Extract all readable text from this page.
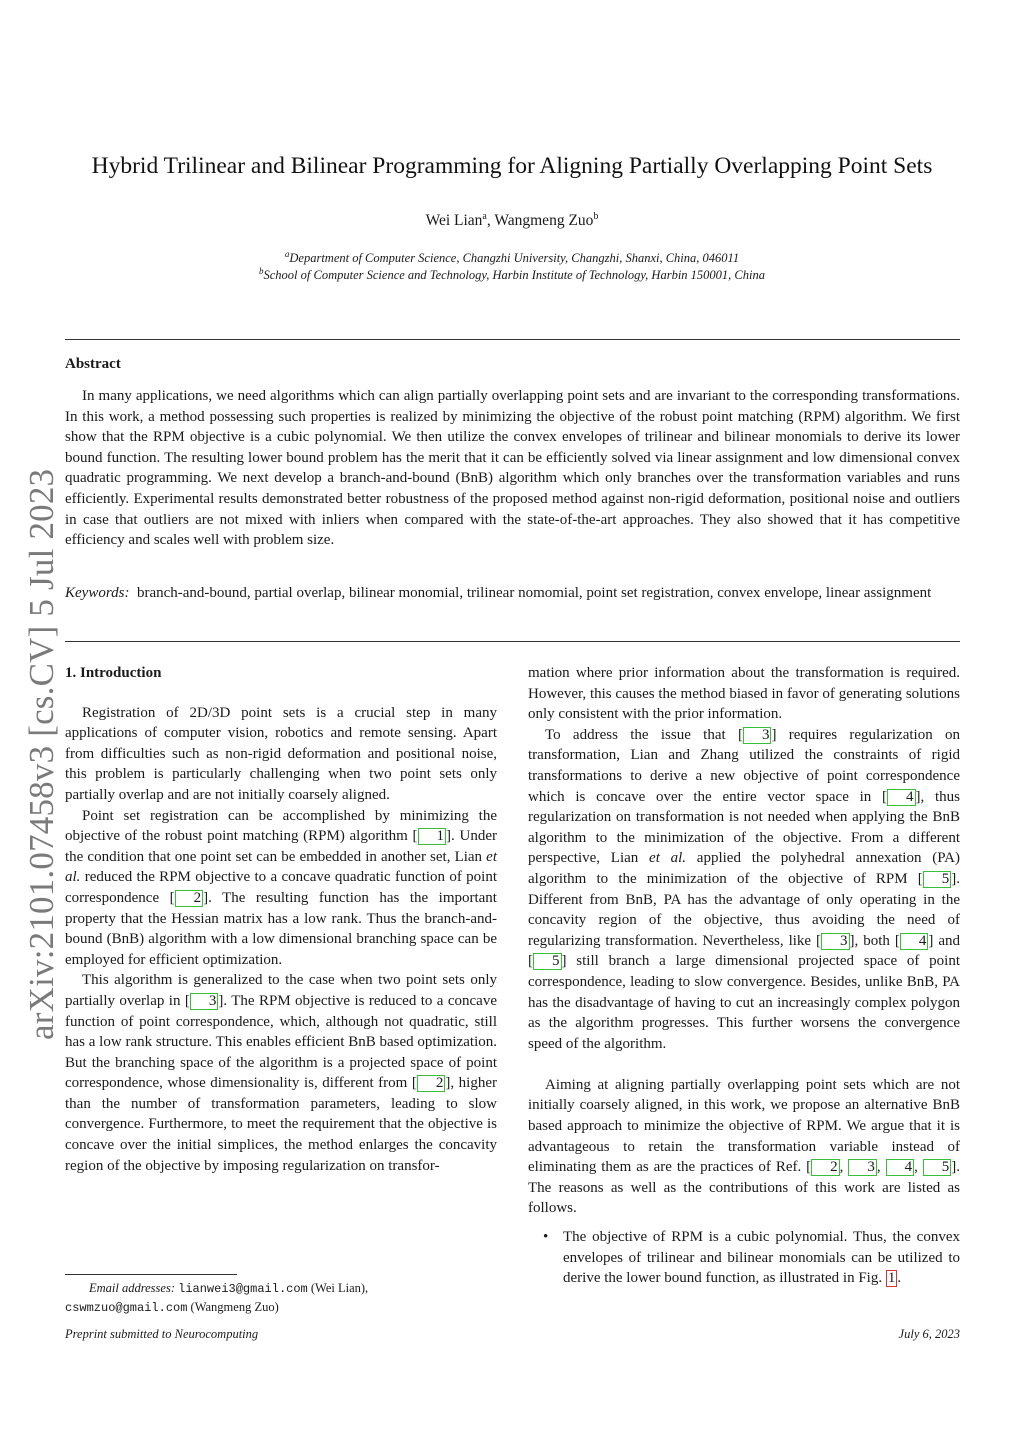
arXiv:2101.07458v3 [cs.CV] 5 Jul 2023
Hybrid Trilinear and Bilinear Programming for Aligning Partially Overlapping Point Sets
Wei Lian$^a$, Wangmeng Zuo$^b$
$^a$Department of Computer Science, Changzhi University, Changzhi, Shanxi, China, 046011
$^b$School of Computer Science and Technology, Harbin Institute of Technology, Harbin 150001, China
Abstract

In many applications, we need algorithms which can align partially overlapping point sets and are invariant to the corresponding transformations. In this work, a method possessing such properties is realized by minimizing the objective of the robust point matching (RPM) algorithm. We first show that the RPM objective is a cubic polynomial. We then utilize the convex envelopes of trilinear and bilinear monomials to derive its lower bound function. The resulting lower bound problem has the merit that it can be efficiently solved via linear assignment and low dimensional convex quadratic programming. We next develop a branch-and-bound (BnB) algorithm which only branches over the transformation variables and runs efficiently. Experimental results demonstrated better robustness of the proposed method against non-rigid deformation, positional noise and outliers in case that outliers are not mixed with inliers when compared with the state-of-the-art approaches. They also showed that it has competitive efficiency and scales well with problem size.

Keywords: branch-and-bound, partial overlap, bilinear monomial, trilinear nomomial, point set registration, convex envelope, linear assignment

1. Introduction

Registration of 2D/3D point sets is a crucial step in many applications of computer vision, robotics and remote sensing. Apart from difficulties such as non-rigid deformation and positional noise, this problem is particularly challenging when two point sets only partially overlap and are not initially coarsely aligned.

Point set registration can be accomplished by minimizing the objective of the robust point matching (RPM) algorithm [ 1 ]. Under the condition that one point set can be embedded in another set, Lian et al. reduced the RPM objective to a concave quadratic function of point correspondence [ 2 ]. The resulting function has the important property that the Hessian matrix has a low rank. Thus the branch-and-bound (BnB) algorithm with a low dimensional branching space can be employed for efficient optimization.

This algorithm is generalized to the case when two point sets only partially overlap in [ 3 ]. The RPM objective is reduced to a concave function of point correspondence, which, although not quadratic, still has a low rank structure. This enables efficient BnB based optimization. But the branching space of the algorithm is a projected space of point correspondence, whose dimensionality is, different from [ 2 ], higher than the number of transformation parameters, leading to slow convergence. Furthermore, to meet the requirement that the objective is concave over the initial simplices, the method enlarges the concavity region of the objective by imposing regularization on transfor-

mation where prior information about the transformation is required. However, this causes the method biased in favor of generating solutions only consistent with the prior information.

To address the issue that [ 3 ] requires regularization on transformation, Lian and Zhang utilized the constraints of rigid transformations to derive a new objective of point correspondence which is concave over the entire vector space in [ 4 ], thus regularization on transformation is not needed when applying the BnB algorithm to the minimization of the objective. From a different perspective, Lian et al. applied the polyhedral annexation (PA) algorithm to the minimization of the objective of RPM [ 5 ]. Different from BnB, PA has the advantage of only operating in the concavity region of the objective, thus avoiding the need of regularizing transformation. Nevertheless, like [ 3 ], both [ 4 ] and [ 5 ] still branch a large dimensional projected space of point correspondence, leading to slow convergence. Besides, unlike BnB, PA has the disadvantage of having to cut an increasingly complex polygon as the algorithm progresses. This further worsens the convergence speed of the algorithm.

Aiming at aligning partially overlapping point sets which are not initially coarsely aligned, in this work, we propose an alternative BnB based approach to minimize the objective of RPM. We argue that it is advantageous to retain the transformation variable instead of eliminating them as are the practices of Ref. [ 2 , 3 , 4 , 5 ]. The reasons as well as the contributions of this work are listed as follows.

• The objective of RPM is a cubic polynomial. Thus, the convex envelopes of trilinear and bilinear monomials can be utilized to derive the lower bound function, as illustrated in Fig. 1 .
Email addresses: lianwei3@gmail.com (Wei Lian),
cswmzuo@gmail.com (Wangmeng Zuo)
Preprint submitted to Neurocomputing	July 6, 2023
